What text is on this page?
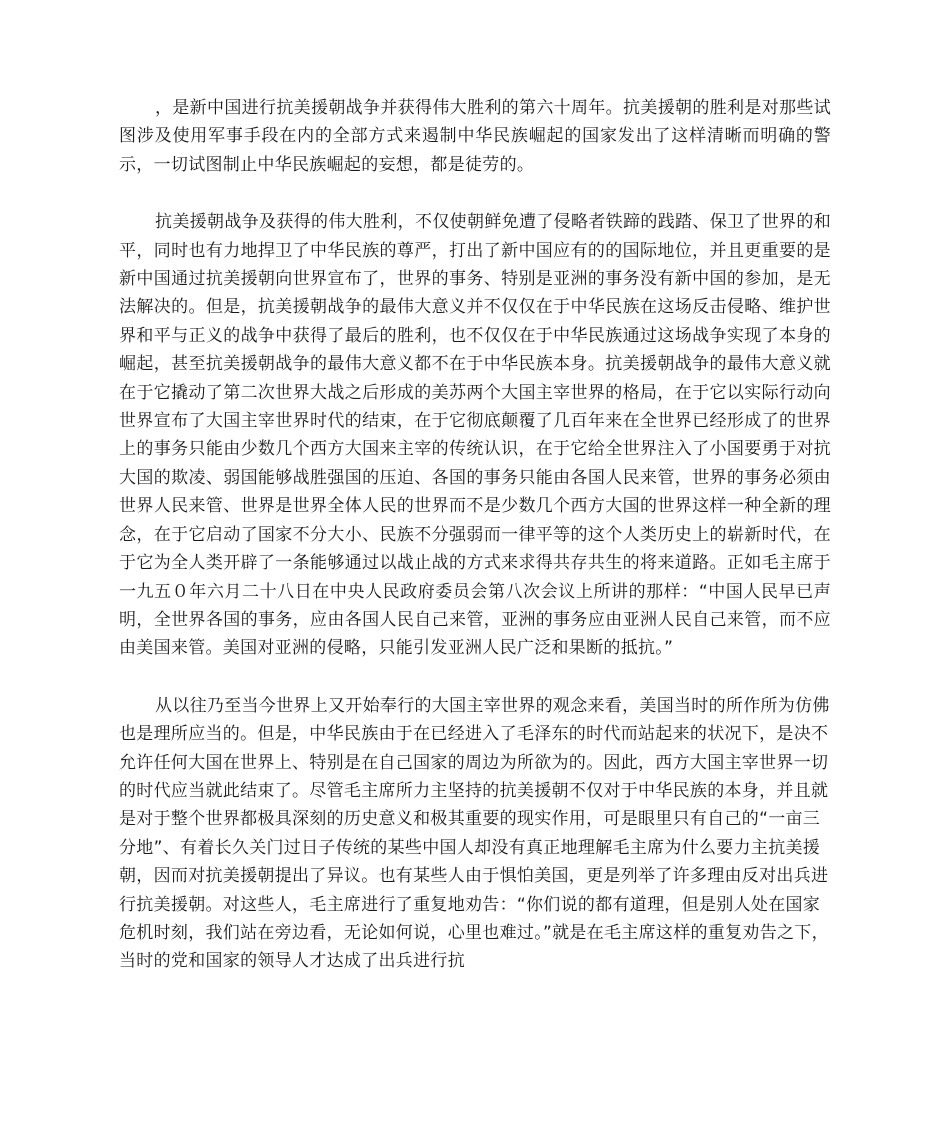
，是新中国进行抗美援朝战争并获得伟大胜利的第六十周年。抗美援朝的胜利是对那些试图涉及使用军事手段在内的全部方式来遏制中华民族崛起的国家发出了这样清晰而明确的警示，一切试图制止中华民族崛起的妄想，都是徒劳的。

抗美援朝战争及获得的伟大胜利，不仅使朝鲜免遭了侵略者铁蹄的践踏、保卫了世界的和平，同时也有力地捍卫了中华民族的尊严，打出了新中国应有的的国际地位，并且更重要的是新中国通过抗美援朝向世界宣布了，世界的事务、特别是亚洲的事务没有新中国的参加，是无法解决的。但是，抗美援朝战争的最伟大意义并不仅仅在于中华民族在这场反击侵略、维护世界和平与正义的战争中获得了最后的胜利，也不仅仅在于中华民族通过这场战争实现了本身的崛起，甚至抗美援朝战争的最伟大意义都不在于中华民族本身。抗美援朝战争的最伟大意义就在于它撬动了第二次世界大战之后形成的美苏两个大国主宰世界的格局，在于它以实际行动向世界宣布了大国主宰世界时代的结束，在于它彻底颠覆了几百年来在全世界已经形成了的世界上的事务只能由少数几个西方大国来主宰的传统认识，在于它给全世界注入了小国要勇于对抗大国的欺凌、弱国能够战胜强国的压迫、各国的事务只能由各国人民来管，世界的事务必须由世界人民来管、世界是世界全体人民的世界而不是少数几个西方大国的世界这样一种全新的理念，在于它启动了国家不分大小、民族不分强弱而一律平等的这个人类历史上的崭新时代，在于它为全人类开辟了一条能够通过以战止战的方式来求得共存共生的将来道路。正如毛主席于一九五０年六月二十八日在中央人民政府委员会第八次会议上所讲的那样：“中国人民早已声明，全世界各国的事务，应由各国人民自己来管，亚洲的事务应由亚洲人民自己来管，而不应由美国来管。美国对亚洲的侵略，只能引发亚洲人民广泛和果断的抵抗。”

从以往乃至当今世界上又开始奉行的大国主宰世界的观念来看，美国当时的所作所为仿佛也是理所应当的。但是，中华民族由于在已经进入了毛泽东的时代而站起来的状况下，是决不允许任何大国在世界上、特别是在自己国家的周边为所欲为的。因此，西方大国主宰世界一切的时代应当就此结束了。尽管毛主席所力主坚持的抗美援朝不仅对于中华民族的本身，并且就是对于整个世界都极具深刻的历史意义和极其重要的现实作用，可是眼里只有自己的“一亩三分地”、有着长久关门过日子传统的某些中国人却没有真正地理解毛主席为什么要力主抗美援朝，因而对抗美援朝提出了异议。也有某些人由于惧怕美国，更是列举了许多理由反对出兵进行抗美援朝。对这些人，毛主席进行了重复地劝告：“你们说的都有道理，但是别人处在国家危机时刻，我们站在旁边看，无论如何说，心里也难过。”就是在毛主席这样的重复劝告之下，当时的党和国家的领导人才达成了出兵进行抗
